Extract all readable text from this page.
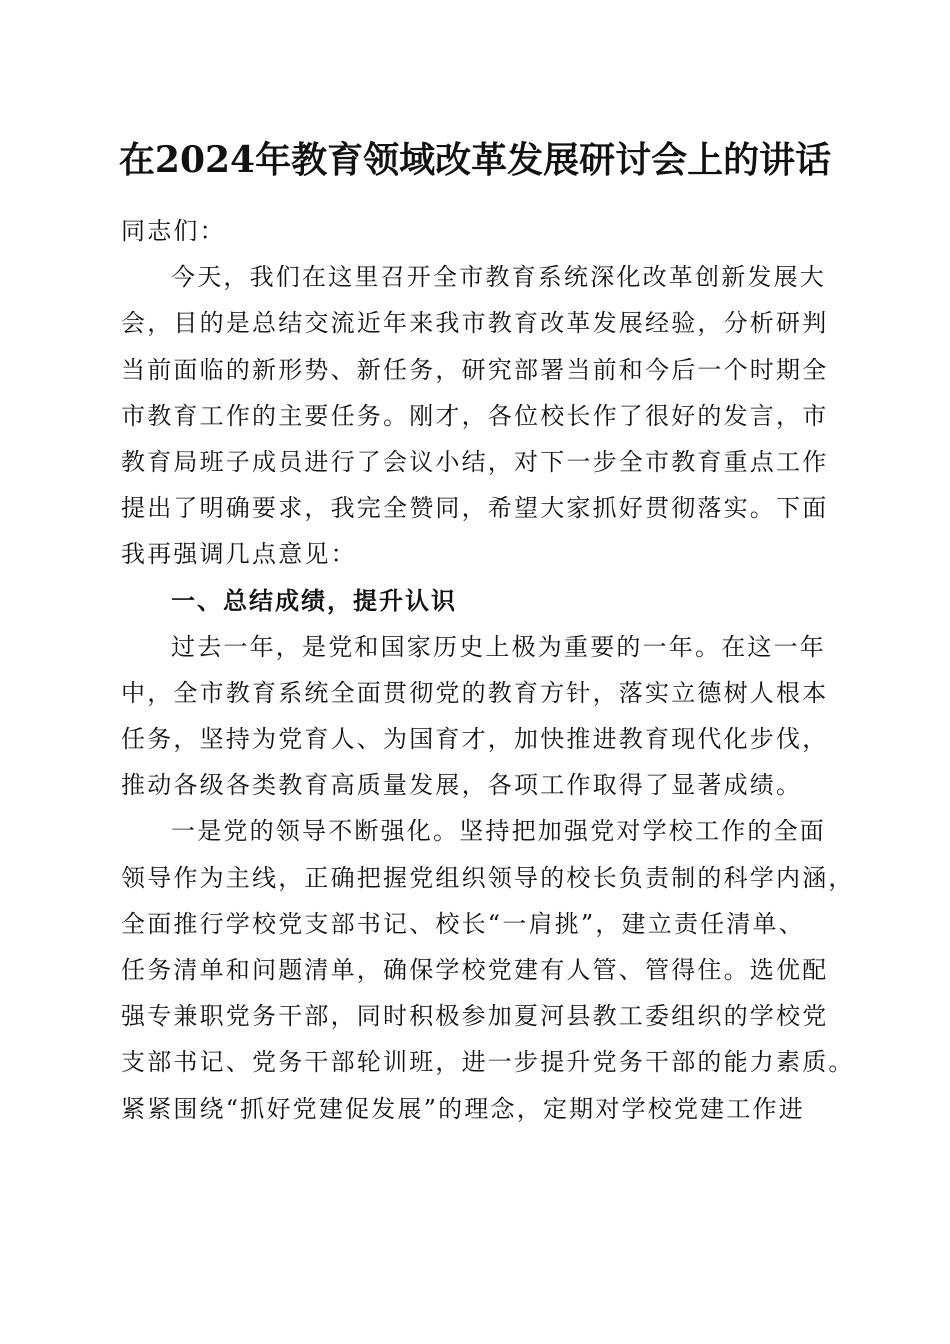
在2024年教育领域改革发展研讨会上的讲话
同志们：
今天，我们在这里召开全市教育系统深化改革创新发展大
会，目的是总结交流近年来我市教育改革发展经验，分析研判
当前面临的新形势、新任务，研究部署当前和今后一个时期全
市教育工作的主要任务。刚才，各位校长作了很好的发言，市
教育局班子成员进行了会议小结，对下一步全市教育重点工作
提出了明确要求，我完全赞同，希望大家抓好贯彻落实。下面
我再强调几点意见：
一、总结成绩，提升认识
过去一年，是党和国家历史上极为重要的一年。在这一年
中，全市教育系统全面贯彻党的教育方针，落实立德树人根本
任务，坚持为党育人、为国育才，加快推进教育现代化步伐，
推动各级各类教育高质量发展，各项工作取得了显著成绩。
一是党的领导不断强化。坚持把加强党对学校工作的全面
领导作为主线，正确把握党组织领导的校长负责制的科学内涵，
全面推行学校党支部书记、校长“一肩挑”，建立责任清单、
任务清单和问题清单，确保学校党建有人管、管得住。选优配
强专兼职党务干部，同时积极参加夏河县教工委组织的学校党
支部书记、党务干部轮训班，进一步提升党务干部的能力素质。
紧紧围绕“抓好党建促发展”的理念，定期对学校党建工作进
